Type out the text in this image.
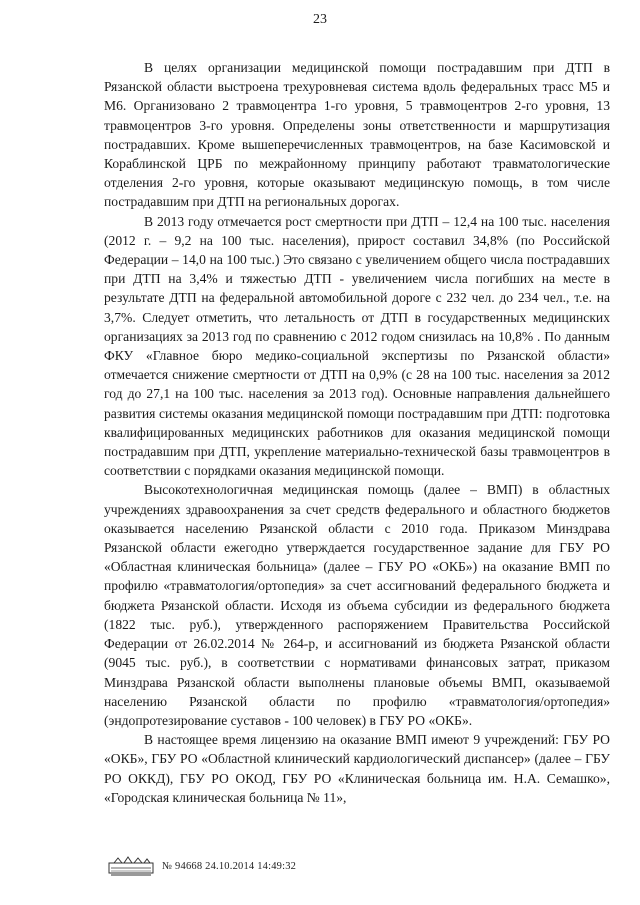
23

В целях организации медицинской помощи пострадавшим при ДТП в Рязанской области выстроена трехуровневая система вдоль федеральных трасс М5 и М6. Организовано 2 травмоцентра 1-го уровня, 5 травмоцентров 2-го уровня, 13 травмоцентров 3-го уровня. Определены зоны ответственности и маршрутизация пострадавших. Кроме вышеперечисленных травмоцентров, на базе Касимовской и Кораблинской ЦРБ по межрайонному принципу работают травматологические отделения 2-го уровня, которые оказывают медицинскую помощь, в том числе пострадавшим при ДТП на региональных дорогах.

В 2013 году отмечается рост смертности при ДТП – 12,4 на 100 тыс. населения (2012 г. – 9,2 на 100 тыс. населения), прирост составил 34,8% (по Российской Федерации – 14,0 на 100 тыс.) Это связано с увеличением общего числа пострадавших при ДТП на 3,4% и тяжестью ДТП - увеличением числа погибших на месте в результате ДТП на федеральной автомобильной дороге с 232 чел. до 234 чел., т.е. на 3,7%. Следует отметить, что летальность от ДТП в государственных медицинских организациях за 2013 год по сравнению с 2012 годом снизилась на 10,8% . По данным ФКУ «Главное бюро медико-социальной экспертизы по Рязанской области» отмечается снижение смертности от ДТП на 0,9% (с 28 на 100 тыс. населения за 2012 год до 27,1 на 100 тыс. населения за 2013 год). Основные направления дальнейшего развития системы оказания медицинской помощи пострадавшим при ДТП: подготовка квалифицированных медицинских работников для оказания медицинской помощи пострадавшим при ДТП, укрепление материально-технической базы травмоцентров в соответствии с порядками оказания медицинской помощи.

Высокотехнологичная медицинская помощь (далее – ВМП) в областных учреждениях здравоохранения за счет средств федерального и областного бюджетов оказывается населению Рязанской области с 2010 года. Приказом Минздрава Рязанской области ежегодно утверждается государственное задание для ГБУ РО «Областная клиническая больница» (далее – ГБУ РО «ОКБ») на оказание ВМП по профилю «травматология/ортопедия» за счет ассигнований федерального бюджета и бюджета Рязанской области. Исходя из объема субсидии из федерального бюджета (1822 тыс. руб.), утвержденного распоряжением Правительства Российской Федерации от 26.02.2014 № 264-р, и ассигнований из бюджета Рязанской области (9045 тыс. руб.), в соответствии с нормативами финансовых затрат, приказом Минздрава Рязанской области выполнены плановые объемы ВМП, оказываемой населению Рязанской области по профилю «травматология/ортопедия» (эндопротезирование суставов - 100 человек) в ГБУ РО «ОКБ».

В настоящее время лицензию на оказание ВМП имеют 9 учреждений: ГБУ РО «ОКБ», ГБУ РО «Областной клинический кардиологический диспансер» (далее – ГБУ РО ОККД), ГБУ РО ОКОД, ГБУ РО «Клиническая больница им. Н.А. Семашко», «Городская клиническая больница № 11»,

№ 94668 24.10.2014 14:49:32
